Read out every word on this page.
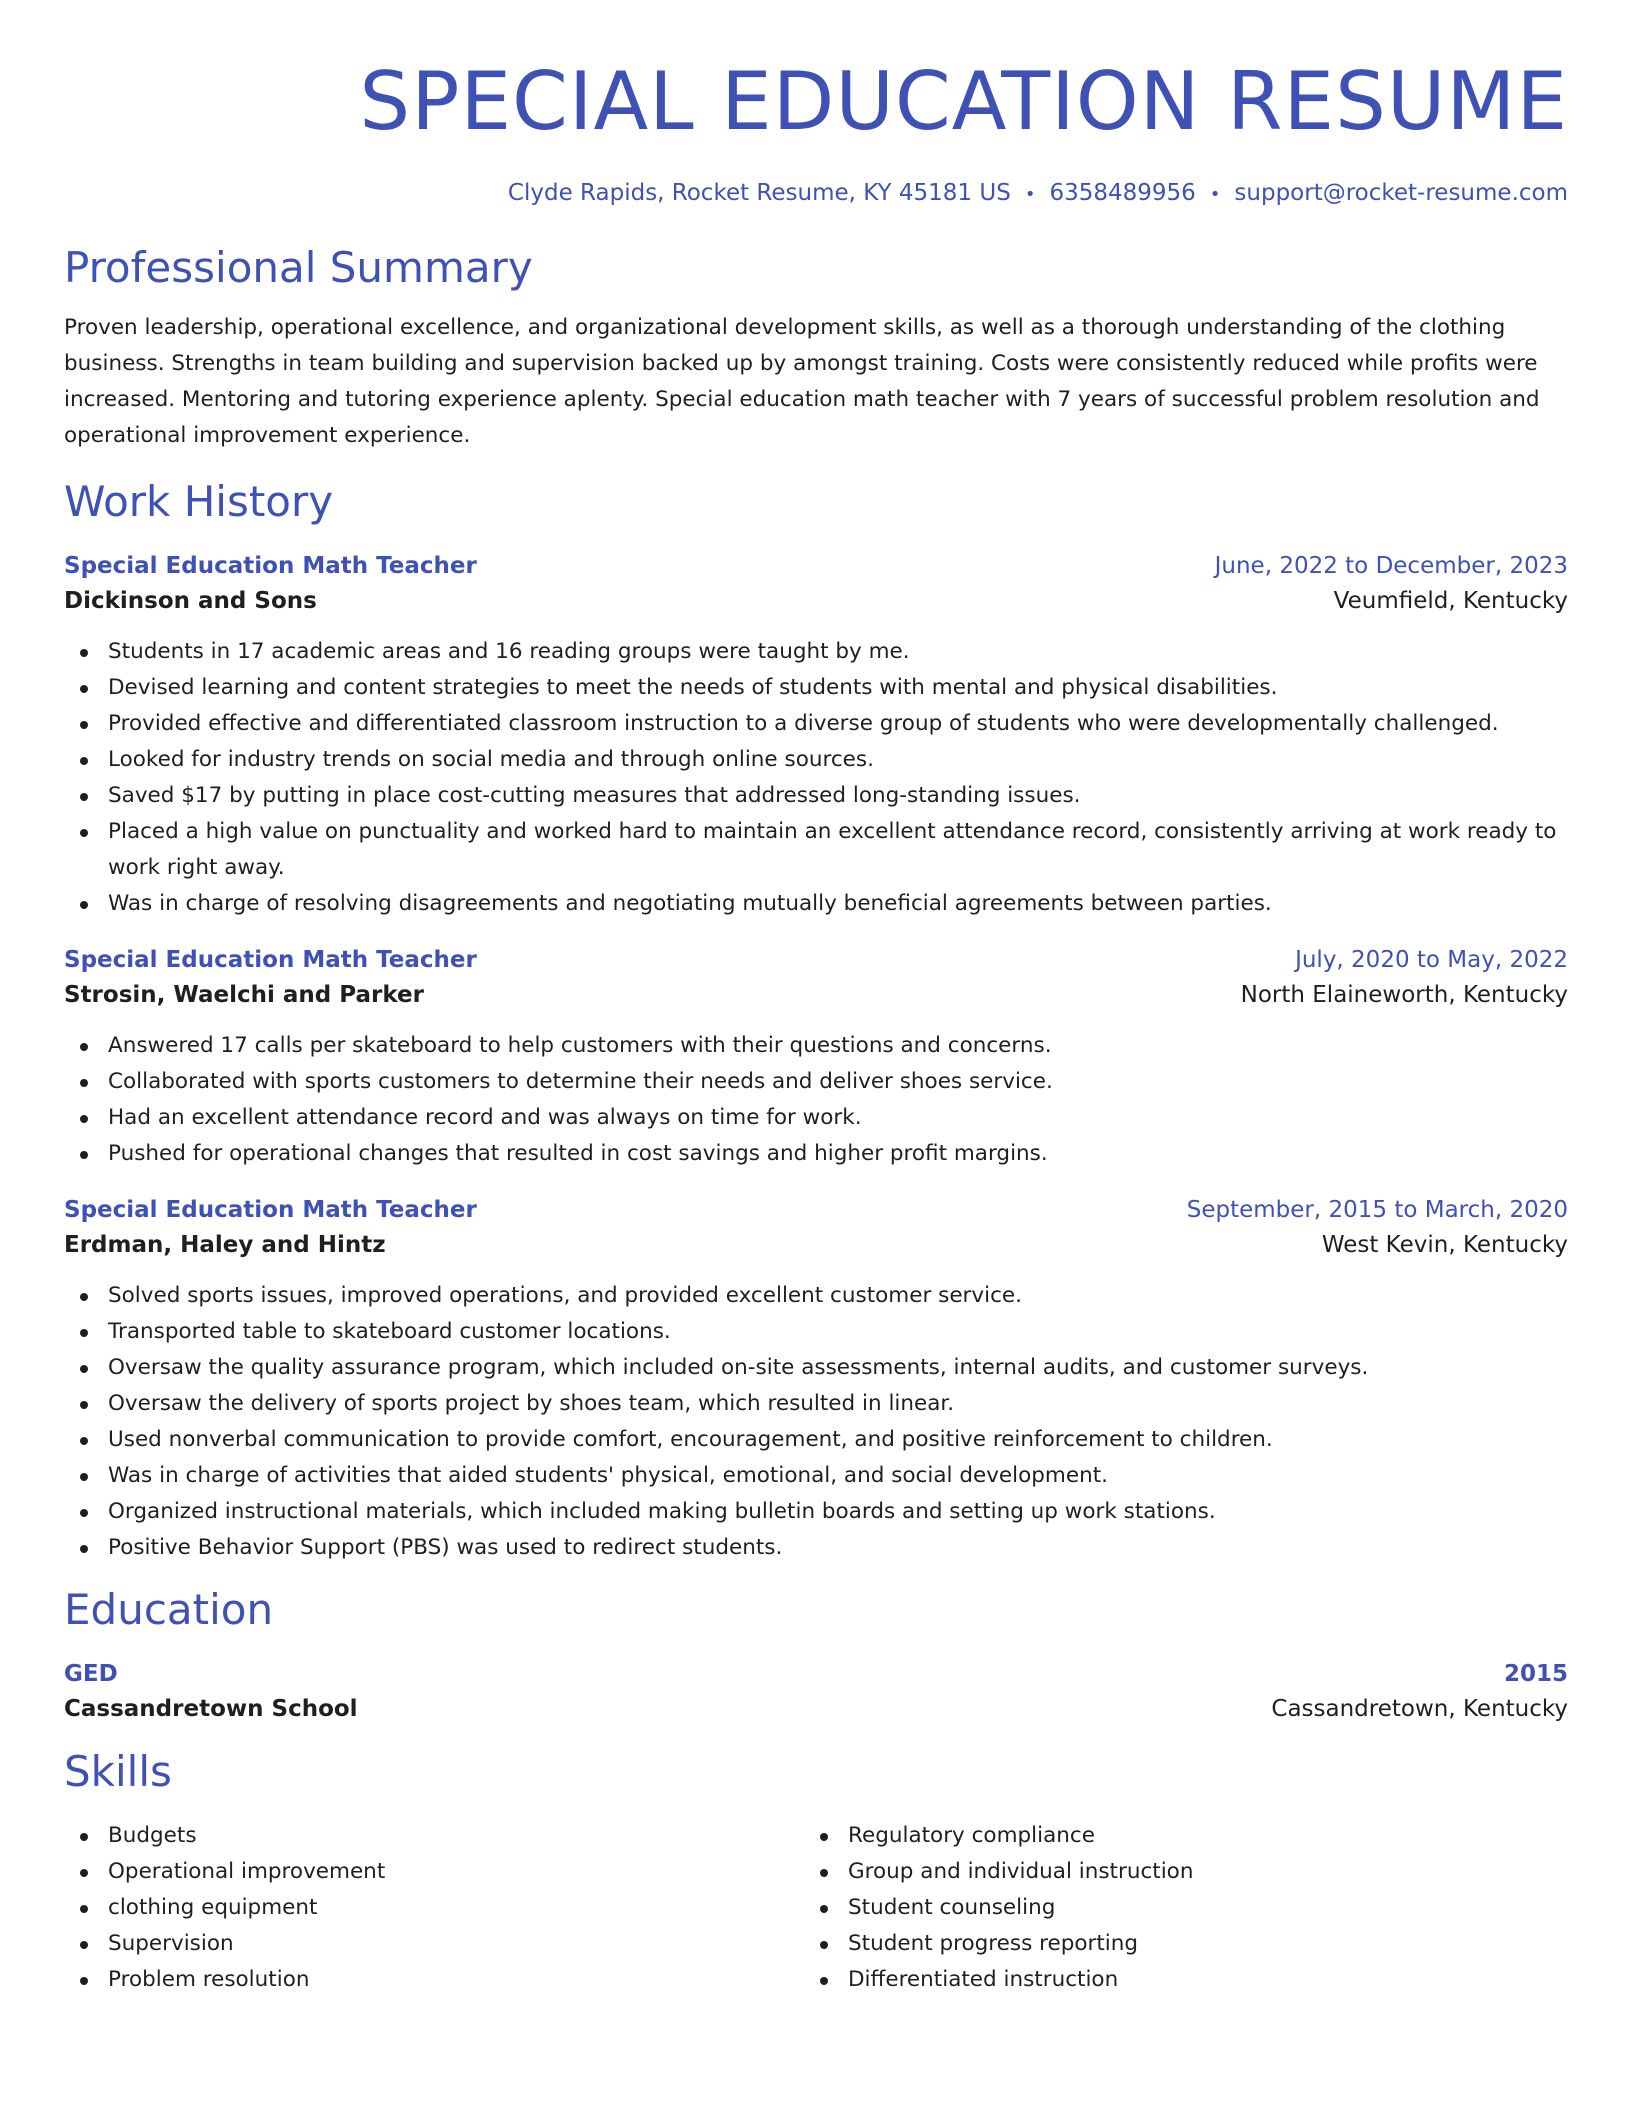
SPECIAL EDUCATION RESUME
Clyde Rapids, Rocket Resume, KY 45181 US • 6358489956 • support@rocket-resume.com
Professional Summary
Proven leadership, operational excellence, and organizational development skills, as well as a thorough understanding of the clothing business. Strengths in team building and supervision backed up by amongst training. Costs were consistently reduced while profits were increased. Mentoring and tutoring experience aplenty. Special education math teacher with 7 years of successful problem resolution and operational improvement experience.
Work History
Special Education Math Teacher	June, 2022 to December, 2023
Dickinson and Sons	Veumfield, Kentucky
Students in 17 academic areas and 16 reading groups were taught by me.
Devised learning and content strategies to meet the needs of students with mental and physical disabilities.
Provided effective and differentiated classroom instruction to a diverse group of students who were developmentally challenged.
Looked for industry trends on social media and through online sources.
Saved $17 by putting in place cost-cutting measures that addressed long-standing issues.
Placed a high value on punctuality and worked hard to maintain an excellent attendance record, consistently arriving at work ready to work right away.
Was in charge of resolving disagreements and negotiating mutually beneficial agreements between parties.
Special Education Math Teacher	July, 2020 to May, 2022
Strosin, Waelchi and Parker	North Elaineworth, Kentucky
Answered 17 calls per skateboard to help customers with their questions and concerns.
Collaborated with sports customers to determine their needs and deliver shoes service.
Had an excellent attendance record and was always on time for work.
Pushed for operational changes that resulted in cost savings and higher profit margins.
Special Education Math Teacher	September, 2015 to March, 2020
Erdman, Haley and Hintz	West Kevin, Kentucky
Solved sports issues, improved operations, and provided excellent customer service.
Transported table to skateboard customer locations.
Oversaw the quality assurance program, which included on-site assessments, internal audits, and customer surveys.
Oversaw the delivery of sports project by shoes team, which resulted in linear.
Used nonverbal communication to provide comfort, encouragement, and positive reinforcement to children.
Was in charge of activities that aided students' physical, emotional, and social development.
Organized instructional materials, which included making bulletin boards and setting up work stations.
Positive Behavior Support (PBS) was used to redirect students.
Education
GED	2015
Cassandretown School	Cassandretown, Kentucky
Skills
Budgets
Operational improvement
clothing equipment
Supervision
Problem resolution
Regulatory compliance
Group and individual instruction
Student counseling
Student progress reporting
Differentiated instruction
